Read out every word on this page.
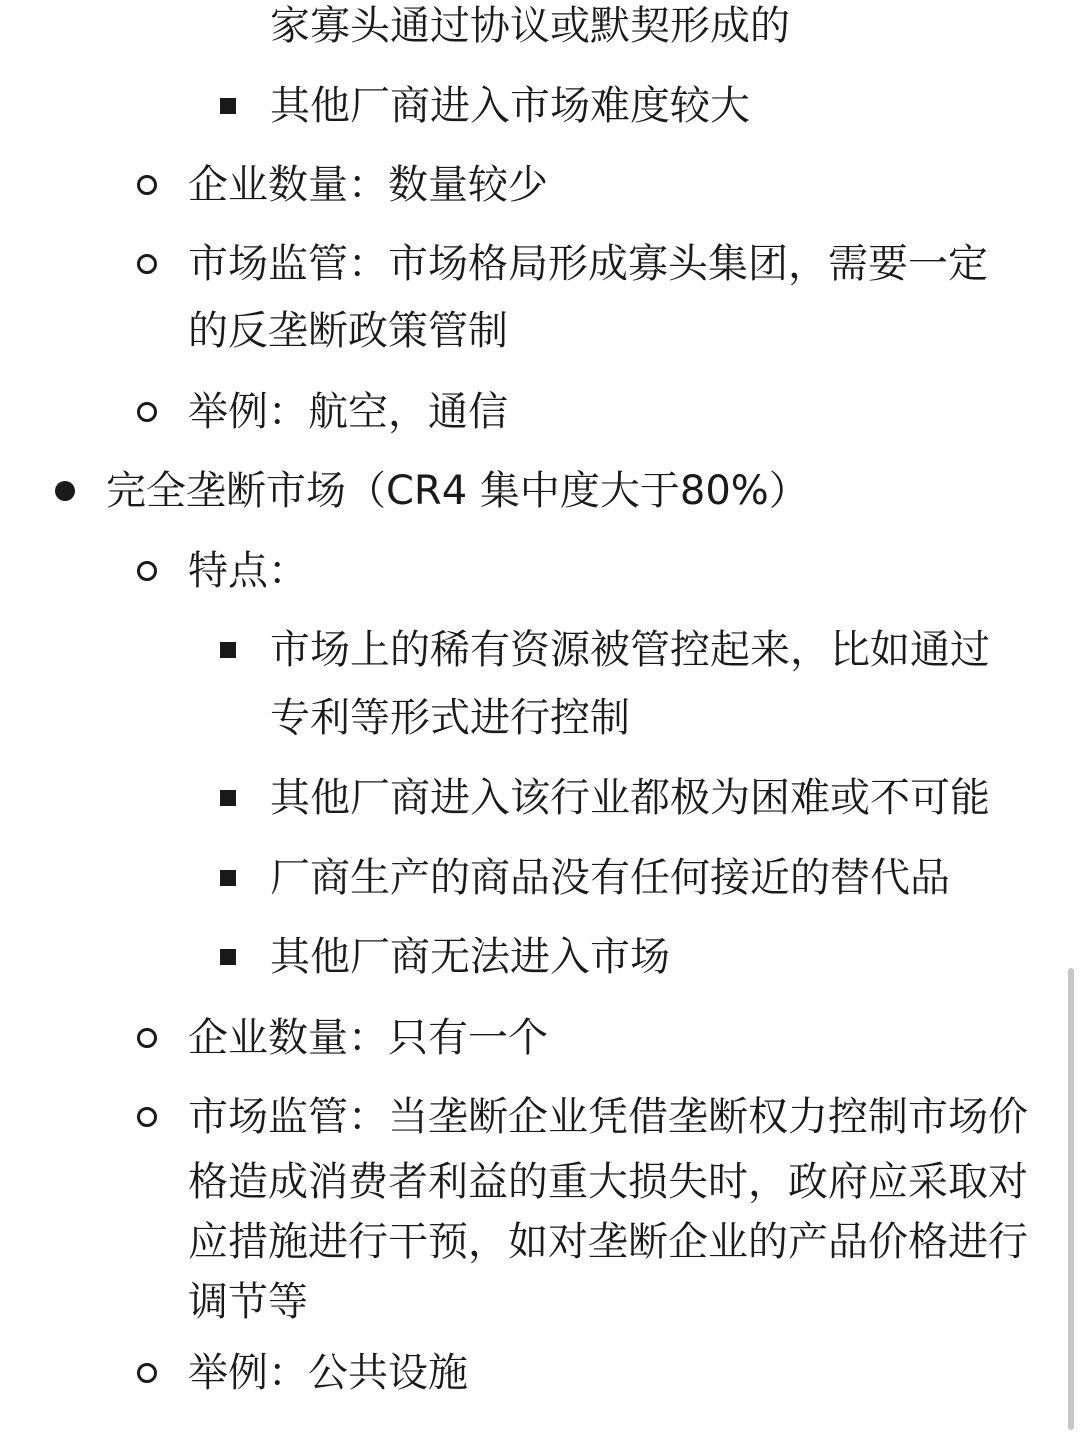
家寡头通过协议或默契形成的
其他厂商进入市场难度较大
企业数量：数量较少
市场监管：市场格局形成寡头集团，需要一定
的反垄断政策管制
举例：航空，通信
完全垄断市场（CR4 集中度大于80%）
特点：
市场上的稀有资源被管控起来，比如通过
专利等形式进行控制
其他厂商进入该行业都极为困难或不可能
厂商生产的商品没有任何接近的替代品
其他厂商无法进入市场
企业数量：只有一个
市场监管：当垄断企业凭借垄断权力控制市场价
格造成消费者利益的重大损失时，政府应采取对
应措施进行干预，如对垄断企业的产品价格进行
调节等
举例：公共设施
